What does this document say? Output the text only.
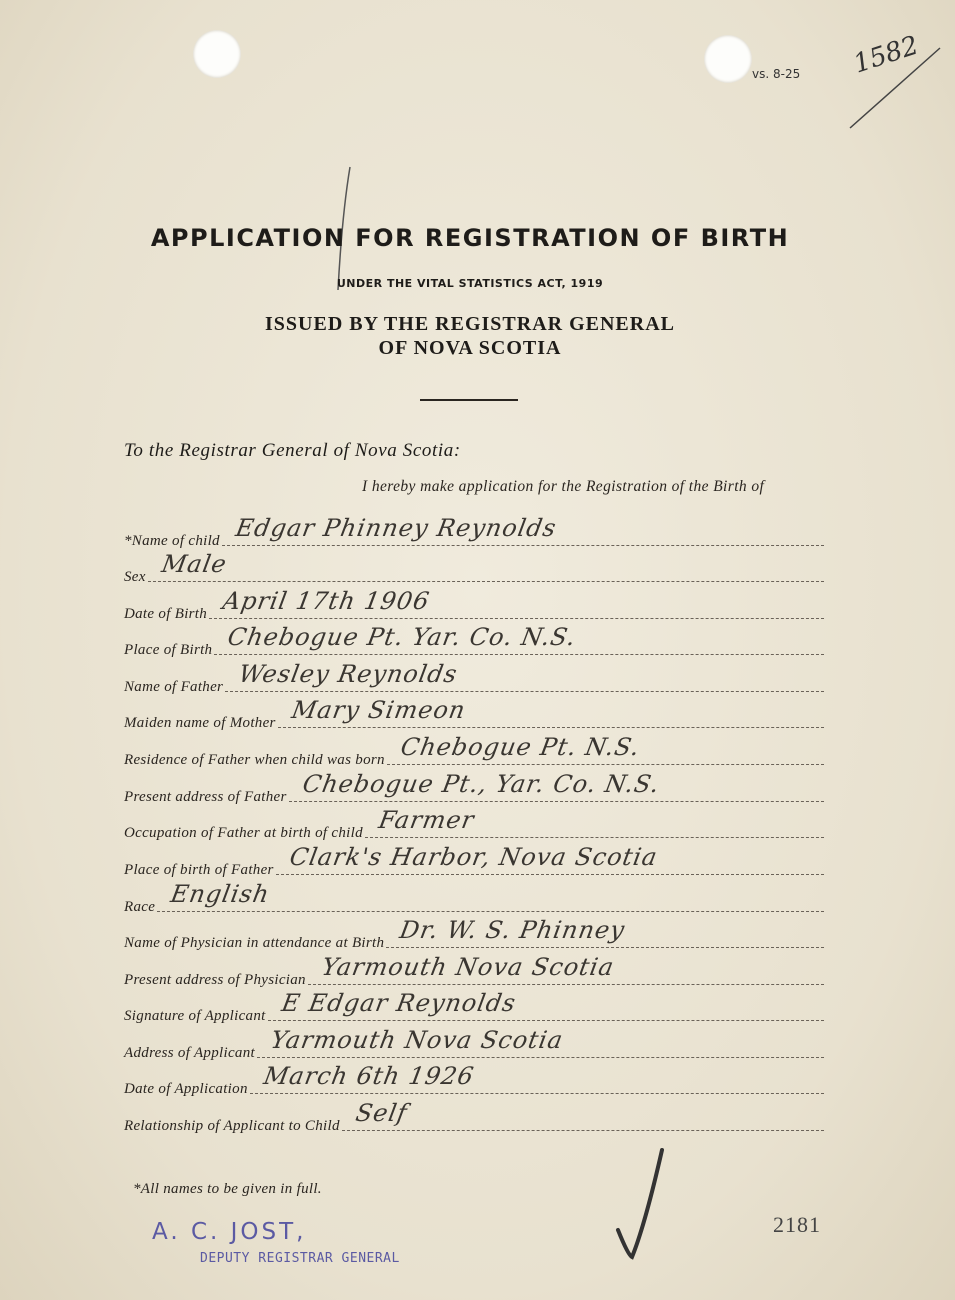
vs. 8-25 1582
APPLICATION FOR REGISTRATION OF BIRTH
UNDER THE VITAL STATISTICS ACT, 1919
ISSUED BY THE REGISTRAR GENERAL
OF NOVA SCOTIA
To the Registrar General of Nova Scotia:
I hereby make application for the Registration of the Birth of
*Name of child Edgar Phinney Reynolds
Sex Male
Date of Birth April 17th 1906
Place of Birth Chebogue Pt. Yar. Co. N.S.
Name of Father Wesley Reynolds
Maiden name of Mother Mary Simeon
Residence of Father when child was born Chebogue Pt. N.S.
Present address of Father Chebogue Pt., Yar. Co. N.S.
Occupation of Father at birth of child Farmer
Place of birth of Father Clark's Harbor, Nova Scotia
Race English
Name of Physician in attendance at Birth Dr. W. S. Phinney
Present address of Physician Yarmouth Nova Scotia
Signature of Applicant E Edgar Reynolds
Address of Applicant Yarmouth Nova Scotia
Date of Application March 6th 1926
Relationship of Applicant to Child Self
*All names to be given in full.
A. C. JOST,
DEPUTY REGISTRAR GENERAL
2181
